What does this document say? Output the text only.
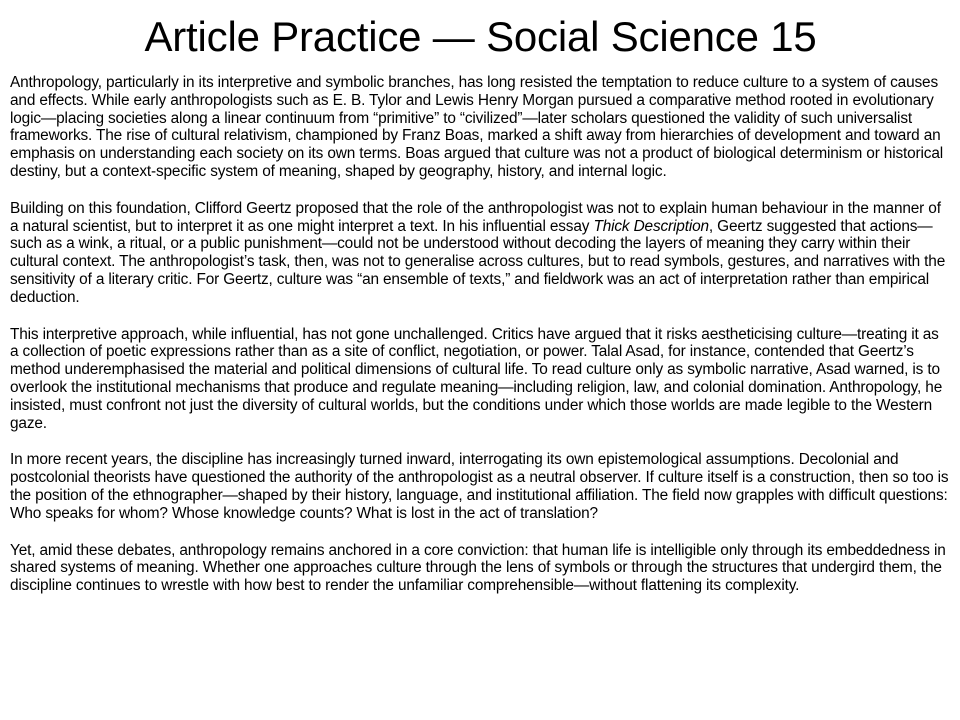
Article Practice — Social Science 15

Anthropology, particularly in its interpretive and symbolic branches, has long resisted the temptation to reduce culture to a system of causes and effects. While early anthropologists such as E. B. Tylor and Lewis Henry Morgan pursued a comparative method rooted in evolutionary logic—placing societies along a linear continuum from “primitive” to “civilized”—later scholars questioned the validity of such universalist frameworks. The rise of cultural relativism, championed by Franz Boas, marked a shift away from hierarchies of development and toward an emphasis on understanding each society on its own terms. Boas argued that culture was not a product of biological determinism or historical destiny, but a context-specific system of meaning, shaped by geography, history, and internal logic.

Building on this foundation, Clifford Geertz proposed that the role of the anthropologist was not to explain human behaviour in the manner of a natural scientist, but to interpret it as one might interpret a text. In his influential essay Thick Description, Geertz suggested that actions—such as a wink, a ritual, or a public punishment—could not be understood without decoding the layers of meaning they carry within their cultural context. The anthropologist’s task, then, was not to generalise across cultures, but to read symbols, gestures, and narratives with the sensitivity of a literary critic. For Geertz, culture was “an ensemble of texts,” and fieldwork was an act of interpretation rather than empirical deduction.

This interpretive approach, while influential, has not gone unchallenged. Critics have argued that it risks aestheticising culture—treating it as a collection of poetic expressions rather than as a site of conflict, negotiation, or power. Talal Asad, for instance, contended that Geertz’s method underemphasised the material and political dimensions of cultural life. To read culture only as symbolic narrative, Asad warned, is to overlook the institutional mechanisms that produce and regulate meaning—including religion, law, and colonial domination. Anthropology, he insisted, must confront not just the diversity of cultural worlds, but the conditions under which those worlds are made legible to the Western gaze.

In more recent years, the discipline has increasingly turned inward, interrogating its own epistemological assumptions. Decolonial and postcolonial theorists have questioned the authority of the anthropologist as a neutral observer. If culture itself is a construction, then so too is the position of the ethnographer—shaped by their history, language, and institutional affiliation. The field now grapples with difficult questions: Who speaks for whom? Whose knowledge counts? What is lost in the act of translation?

Yet, amid these debates, anthropology remains anchored in a core conviction: that human life is intelligible only through its embeddedness in shared systems of meaning. Whether one approaches culture through the lens of symbols or through the structures that undergird them, the discipline continues to wrestle with how best to render the unfamiliar comprehensible—without flattening its complexity.
